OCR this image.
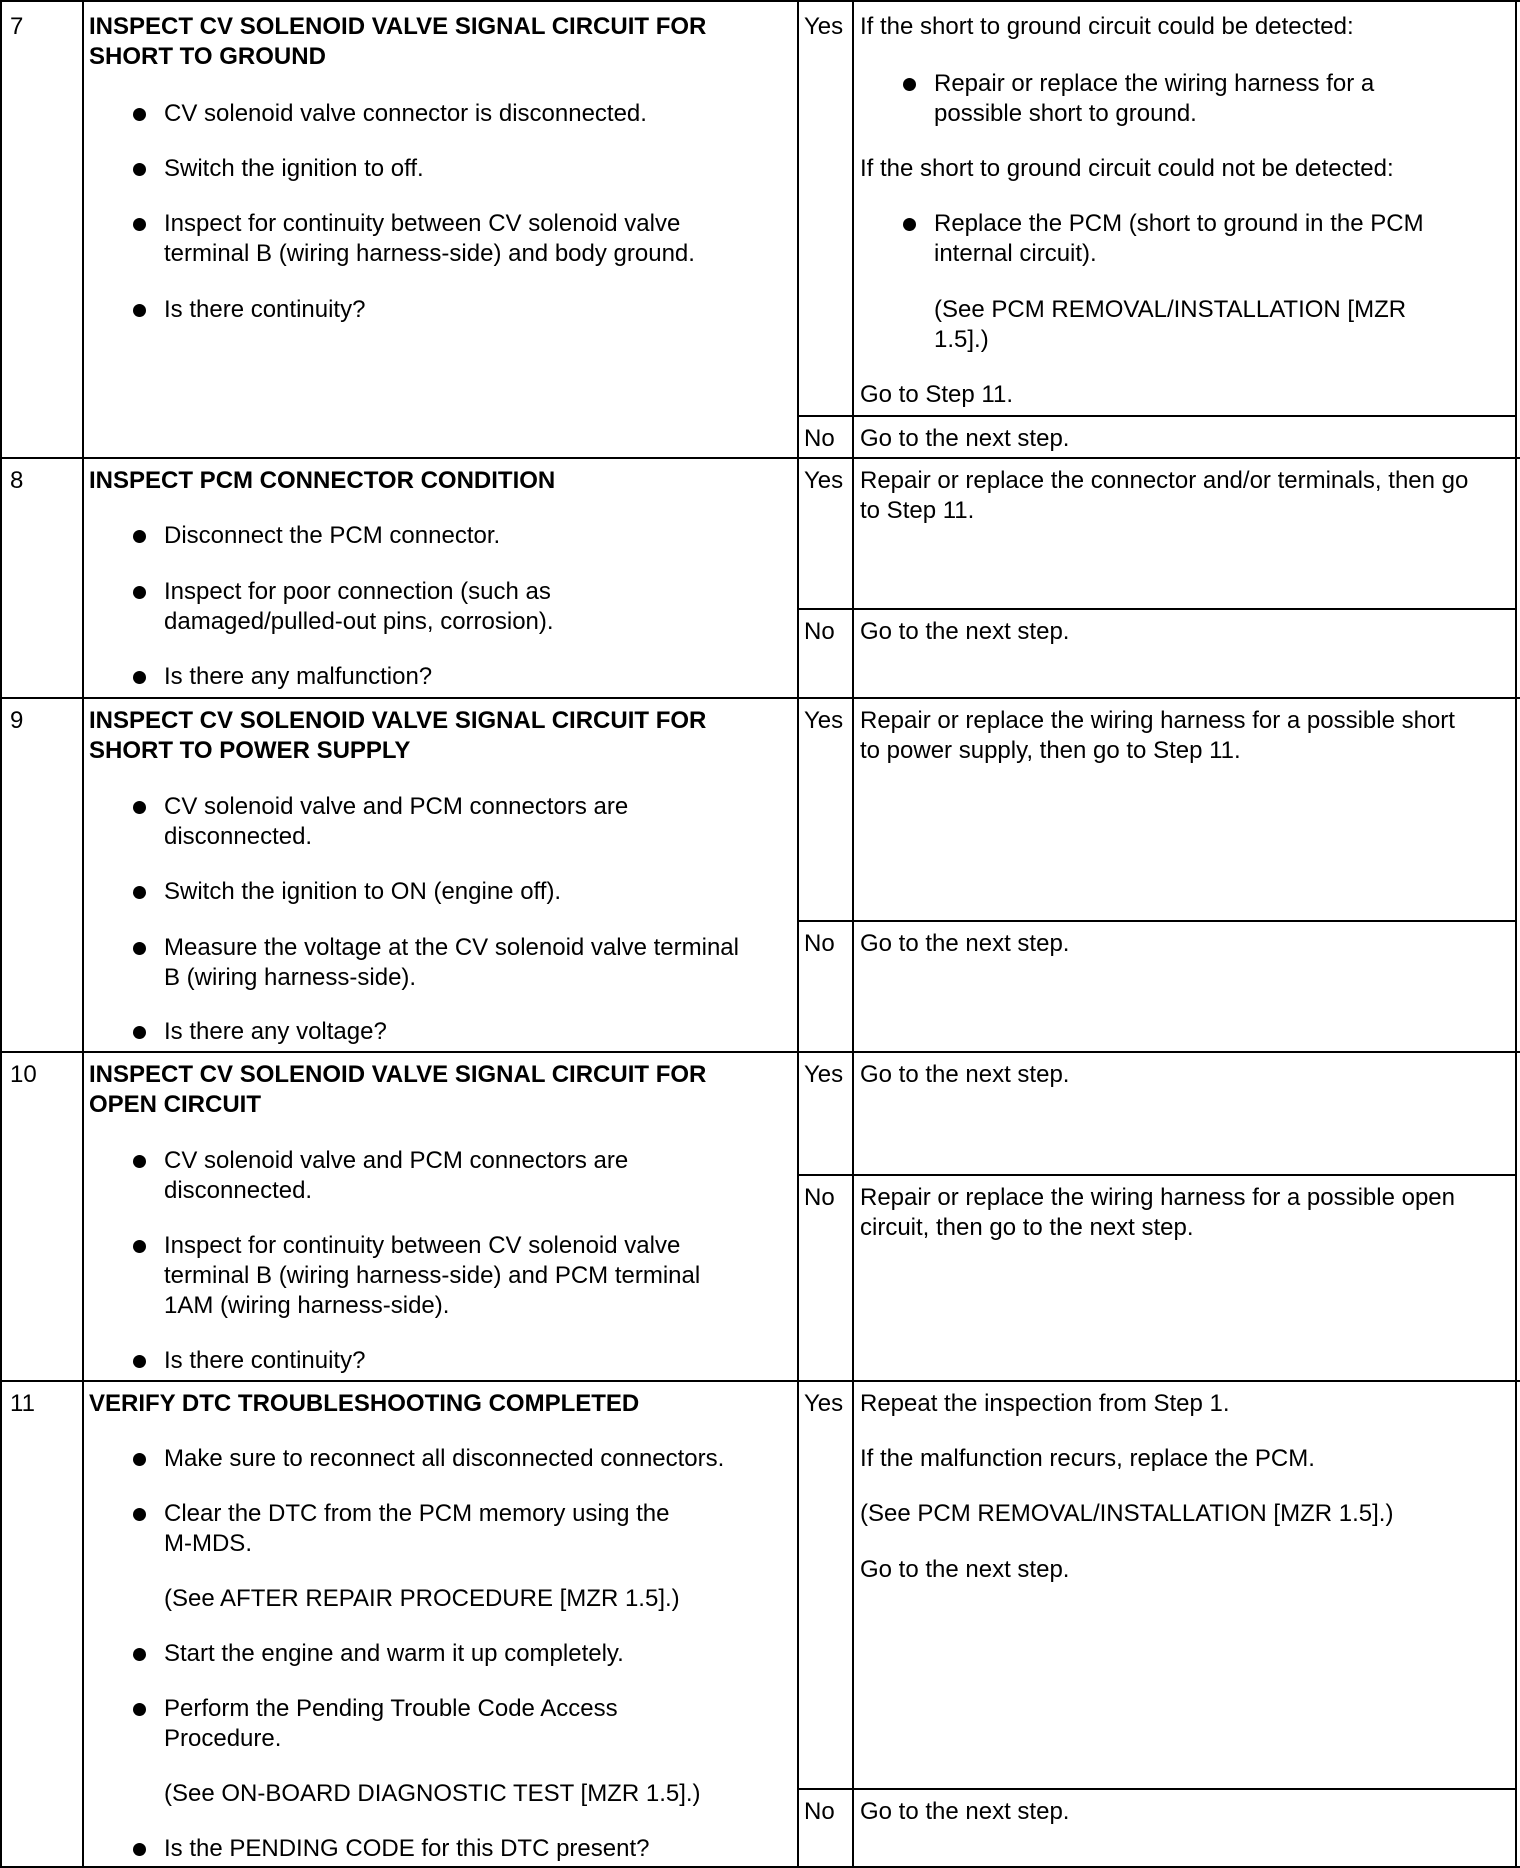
7	INSPECT CV SOLENOID VALVE SIGNAL CIRCUIT FOR
SHORT TO GROUND
CV solenoid valve connector is disconnected.
Switch the ignition to off.
Inspect for continuity between CV solenoid valve
terminal B (wiring harness-side) and body ground.
Is there continuity?
Yes If the short to ground circuit could be detected:
Repair or replace the wiring harness for a
possible short to ground.
If the short to ground circuit could not be detected:
Replace the PCM (short to ground in the PCM
internal circuit).
(See PCM REMOVAL/INSTALLATION [MZR
1.5].)
Go to Step 11.
No Go to the next step.
8	INSPECT PCM CONNECTOR CONDITION
Disconnect the PCM connector.
Inspect for poor connection (such as
damaged/pulled-out pins, corrosion).
Is there any malfunction?
Yes Repair or replace the connector and/or terminals, then go
to Step 11.
No Go to the next step.
9	INSPECT CV SOLENOID VALVE SIGNAL CIRCUIT FOR
SHORT TO POWER SUPPLY
CV solenoid valve and PCM connectors are
disconnected.
Switch the ignition to ON (engine off).
Measure the voltage at the CV solenoid valve terminal
B (wiring harness-side).
Is there any voltage?
Yes Repair or replace the wiring harness for a possible short
to power supply, then go to Step 11.
No Go to the next step.
10 INSPECT CV SOLENOID VALVE SIGNAL CIRCUIT FOR
OPEN CIRCUIT
CV solenoid valve and PCM connectors are
disconnected.
Inspect for continuity between CV solenoid valve
terminal B (wiring harness-side) and PCM terminal
1AM (wiring harness-side).
Is there continuity?
Yes Go to the next step.
No Repair or replace the wiring harness for a possible open
circuit, then go to the next step.
11 VERIFY DTC TROUBLESHOOTING COMPLETED
Make sure to reconnect all disconnected connectors.
Clear the DTC from the PCM memory using the
M-MDS.
(See AFTER REPAIR PROCEDURE [MZR 1.5].)
Start the engine and warm it up completely.
Perform the Pending Trouble Code Access
Procedure.
(See ON-BOARD DIAGNOSTIC TEST [MZR 1.5].)
Is the PENDING CODE for this DTC present?
Yes Repeat the inspection from Step 1.
If the malfunction recurs, replace the PCM.
(See PCM REMOVAL/INSTALLATION [MZR 1.5].)
Go to the next step.
No Go to the next step.
